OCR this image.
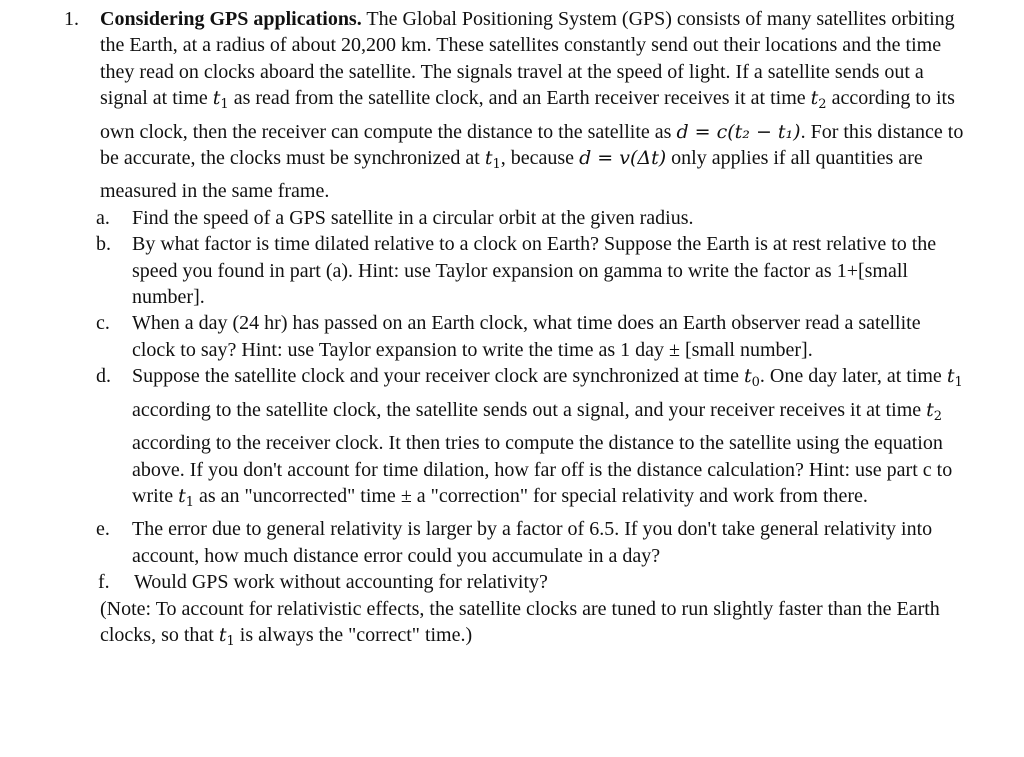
1.	Considering GPS applications. The Global Positioning System (GPS) consists of many satellites orbiting the Earth, at a radius of about 20,200 km. These satellites constantly send out their locations and the time they read on clocks aboard the satellite. The signals travel at the speed of light. If a satellite sends out a signal at time $t_1$ as read from the satellite clock, and an Earth receiver receives it at time $t_2$ according to its own clock, then the receiver can compute the distance to the satellite as d = c(t₂ − t₁). For this distance to be accurate, the clocks must be synchronized at $t_1$, because d = v(Δt) only applies if all quantities are measured in the same frame.
a.	Find the speed of a GPS satellite in a circular orbit at the given radius.
b.	By what factor is time dilated relative to a clock on Earth? Suppose the Earth is at rest relative to the speed you found in part (a). Hint: use Taylor expansion on gamma to write the factor as 1+[small number].
c.	When a day (24 hr) has passed on an Earth clock, what time does an Earth observer read a satellite clock to say? Hint: use Taylor expansion to write the time as 1 day ± [small number].
d.	Suppose the satellite clock and your receiver clock are synchronized at time $t_0$. One day later, at time $t_1$ according to the satellite clock, the satellite sends out a signal, and your receiver receives it at time $t_2$ according to the receiver clock. It then tries to compute the distance to the satellite using the equation above. If you don't account for time dilation, how far off is the distance calculation? Hint: use part c to write $t_1$ as an "uncorrected" time ± a "correction" for special relativity and work from there.
e.	The error due to general relativity is larger by a factor of 6.5. If you don't take general relativity into account, how much distance error could you accumulate in a day?
f.	Would GPS work without accounting for relativity?
(Note: To account for relativistic effects, the satellite clocks are tuned to run slightly faster than the Earth clocks, so that $t_1$ is always the "correct" time.)
